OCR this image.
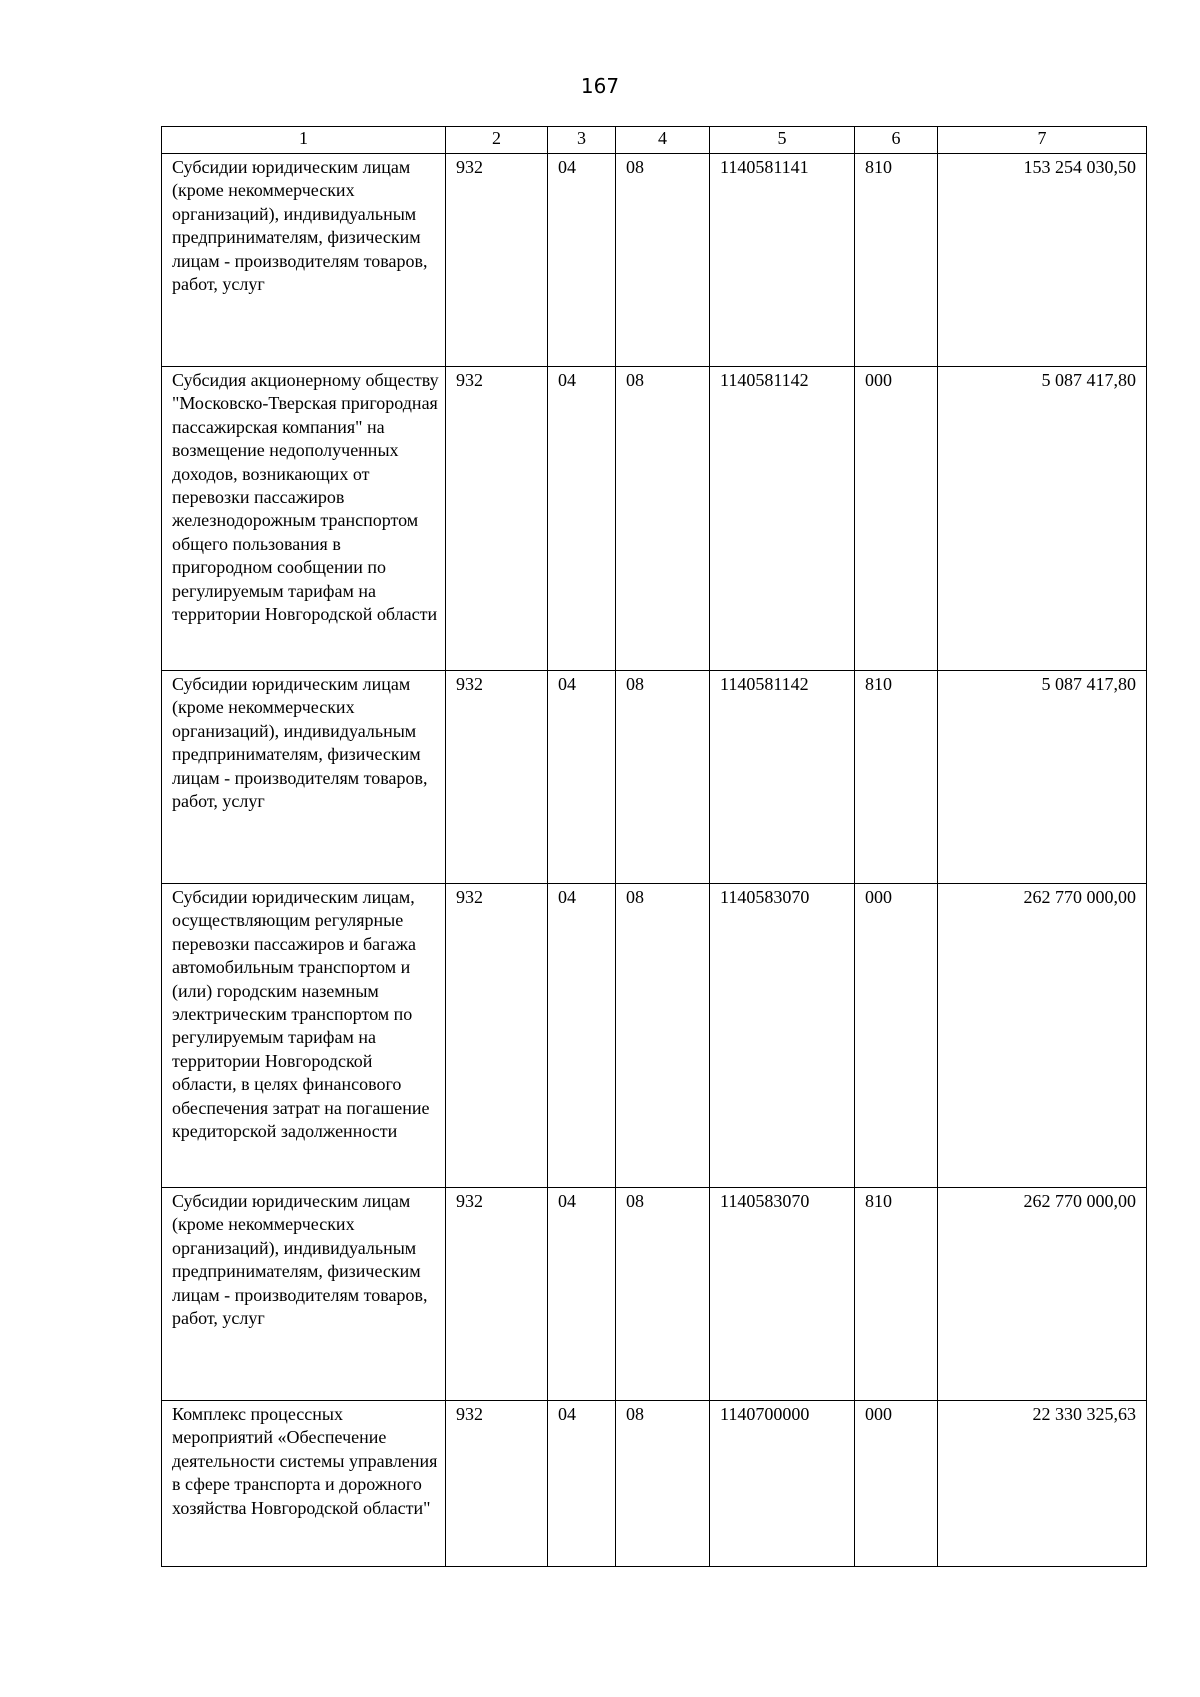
167
1	2	3	4	5	6	7
Субсидии юридическим лицам (кроме некоммерческих организаций), индивидуальным предпринимателям, физическим лицам - производителям товаров, работ, услуг	932	04	08	1140581141	810	153 254 030,50
Субсидия акционерному обществу "Московско-Тверская пригородная пассажирская компания" на возмещение недополученных доходов, возникающих от перевозки пассажиров железнодорожным транспортом общего пользования в пригородном сообщении по регулируемым тарифам на территории Новгородской области	932	04	08	1140581142	000	5 087 417,80
Субсидии юридическим лицам (кроме некоммерческих организаций), индивидуальным предпринимателям, физическим лицам - производителям товаров, работ, услуг	932	04	08	1140581142	810	5 087 417,80
Субсидии юридическим лицам, осуществляющим регулярные перевозки пассажиров и багажа автомобильным транспортом и (или) городским наземным электрическим транспортом по регулируемым тарифам на территории Новгородской области, в целях финансового обеспечения затрат на погашение кредиторской задолженности	932	04	08	1140583070	000	262 770 000,00
Субсидии юридическим лицам (кроме некоммерческих организаций), индивидуальным предпринимателям, физическим лицам - производителям товаров, работ, услуг	932	04	08	1140583070	810	262 770 000,00
Комплекс процессных мероприятий «Обеспечение деятельности системы управления в сфере транспорта и дорожного хозяйства Новгородской области"	932	04	08	1140700000	000	22 330 325,63
